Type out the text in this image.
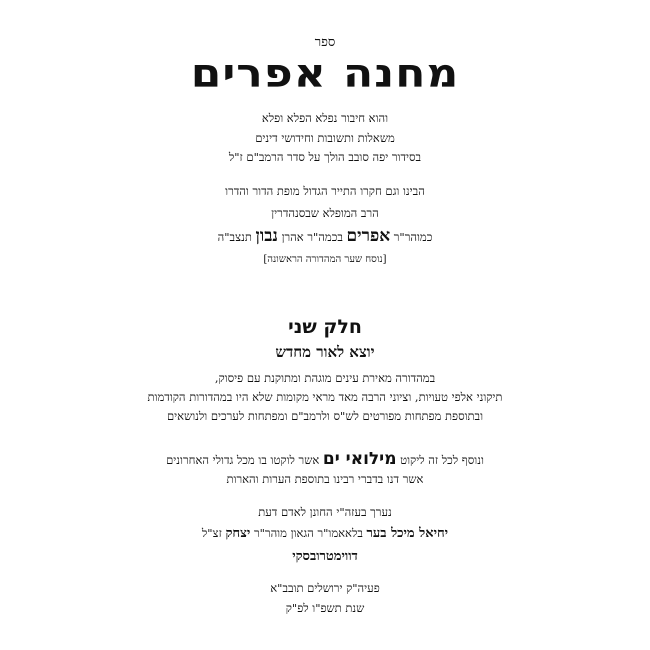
ספר
מחנה אפרים
והוא חיבור נפלא הפלא ופלא
משאלות ותשובות וחידושי דינים
בסידור יפה סובב הולך על סדר הרמב"ם ז"ל
הבינו וגם חקרו התייר הגדול מופת הדור והדרו
הרב המופלא שבסנהדרין
כמוהר"ר אפרים בכמה"ר אהרן נבון תנצב"ה
[נוסח שער המהדורה הראשונה]
חלק שני
יוצא לאור מחדש
במהדורה מאירת עינים מוגהת ומתוקנת עם פיסוק,
תיקוני אלפי טעויות, וציוני הרבה מאד מראי מקומות שלא היו במהדורות הקודמות
ובתוספת מפתחות מפורטים לש"ס ולרמב"ם ומפתחות לערכים ולנושאים
ונוסף לכל זה ליקוט מילואי ים אשר לוקטו בו מכל גדולי האחרונים
אשר דנו בדברי רבינו בתוספת הערות והארות
נערך בעזה"י החונן לאדם דעת
יחיאל מיכל בער בלאאמו"ר הגאון מוהר"ר יצחק זצ"ל
דווימטרובסקי
פעיה"ק ירושלים תובב"א
שנת תשפ"ו לפ"ק
